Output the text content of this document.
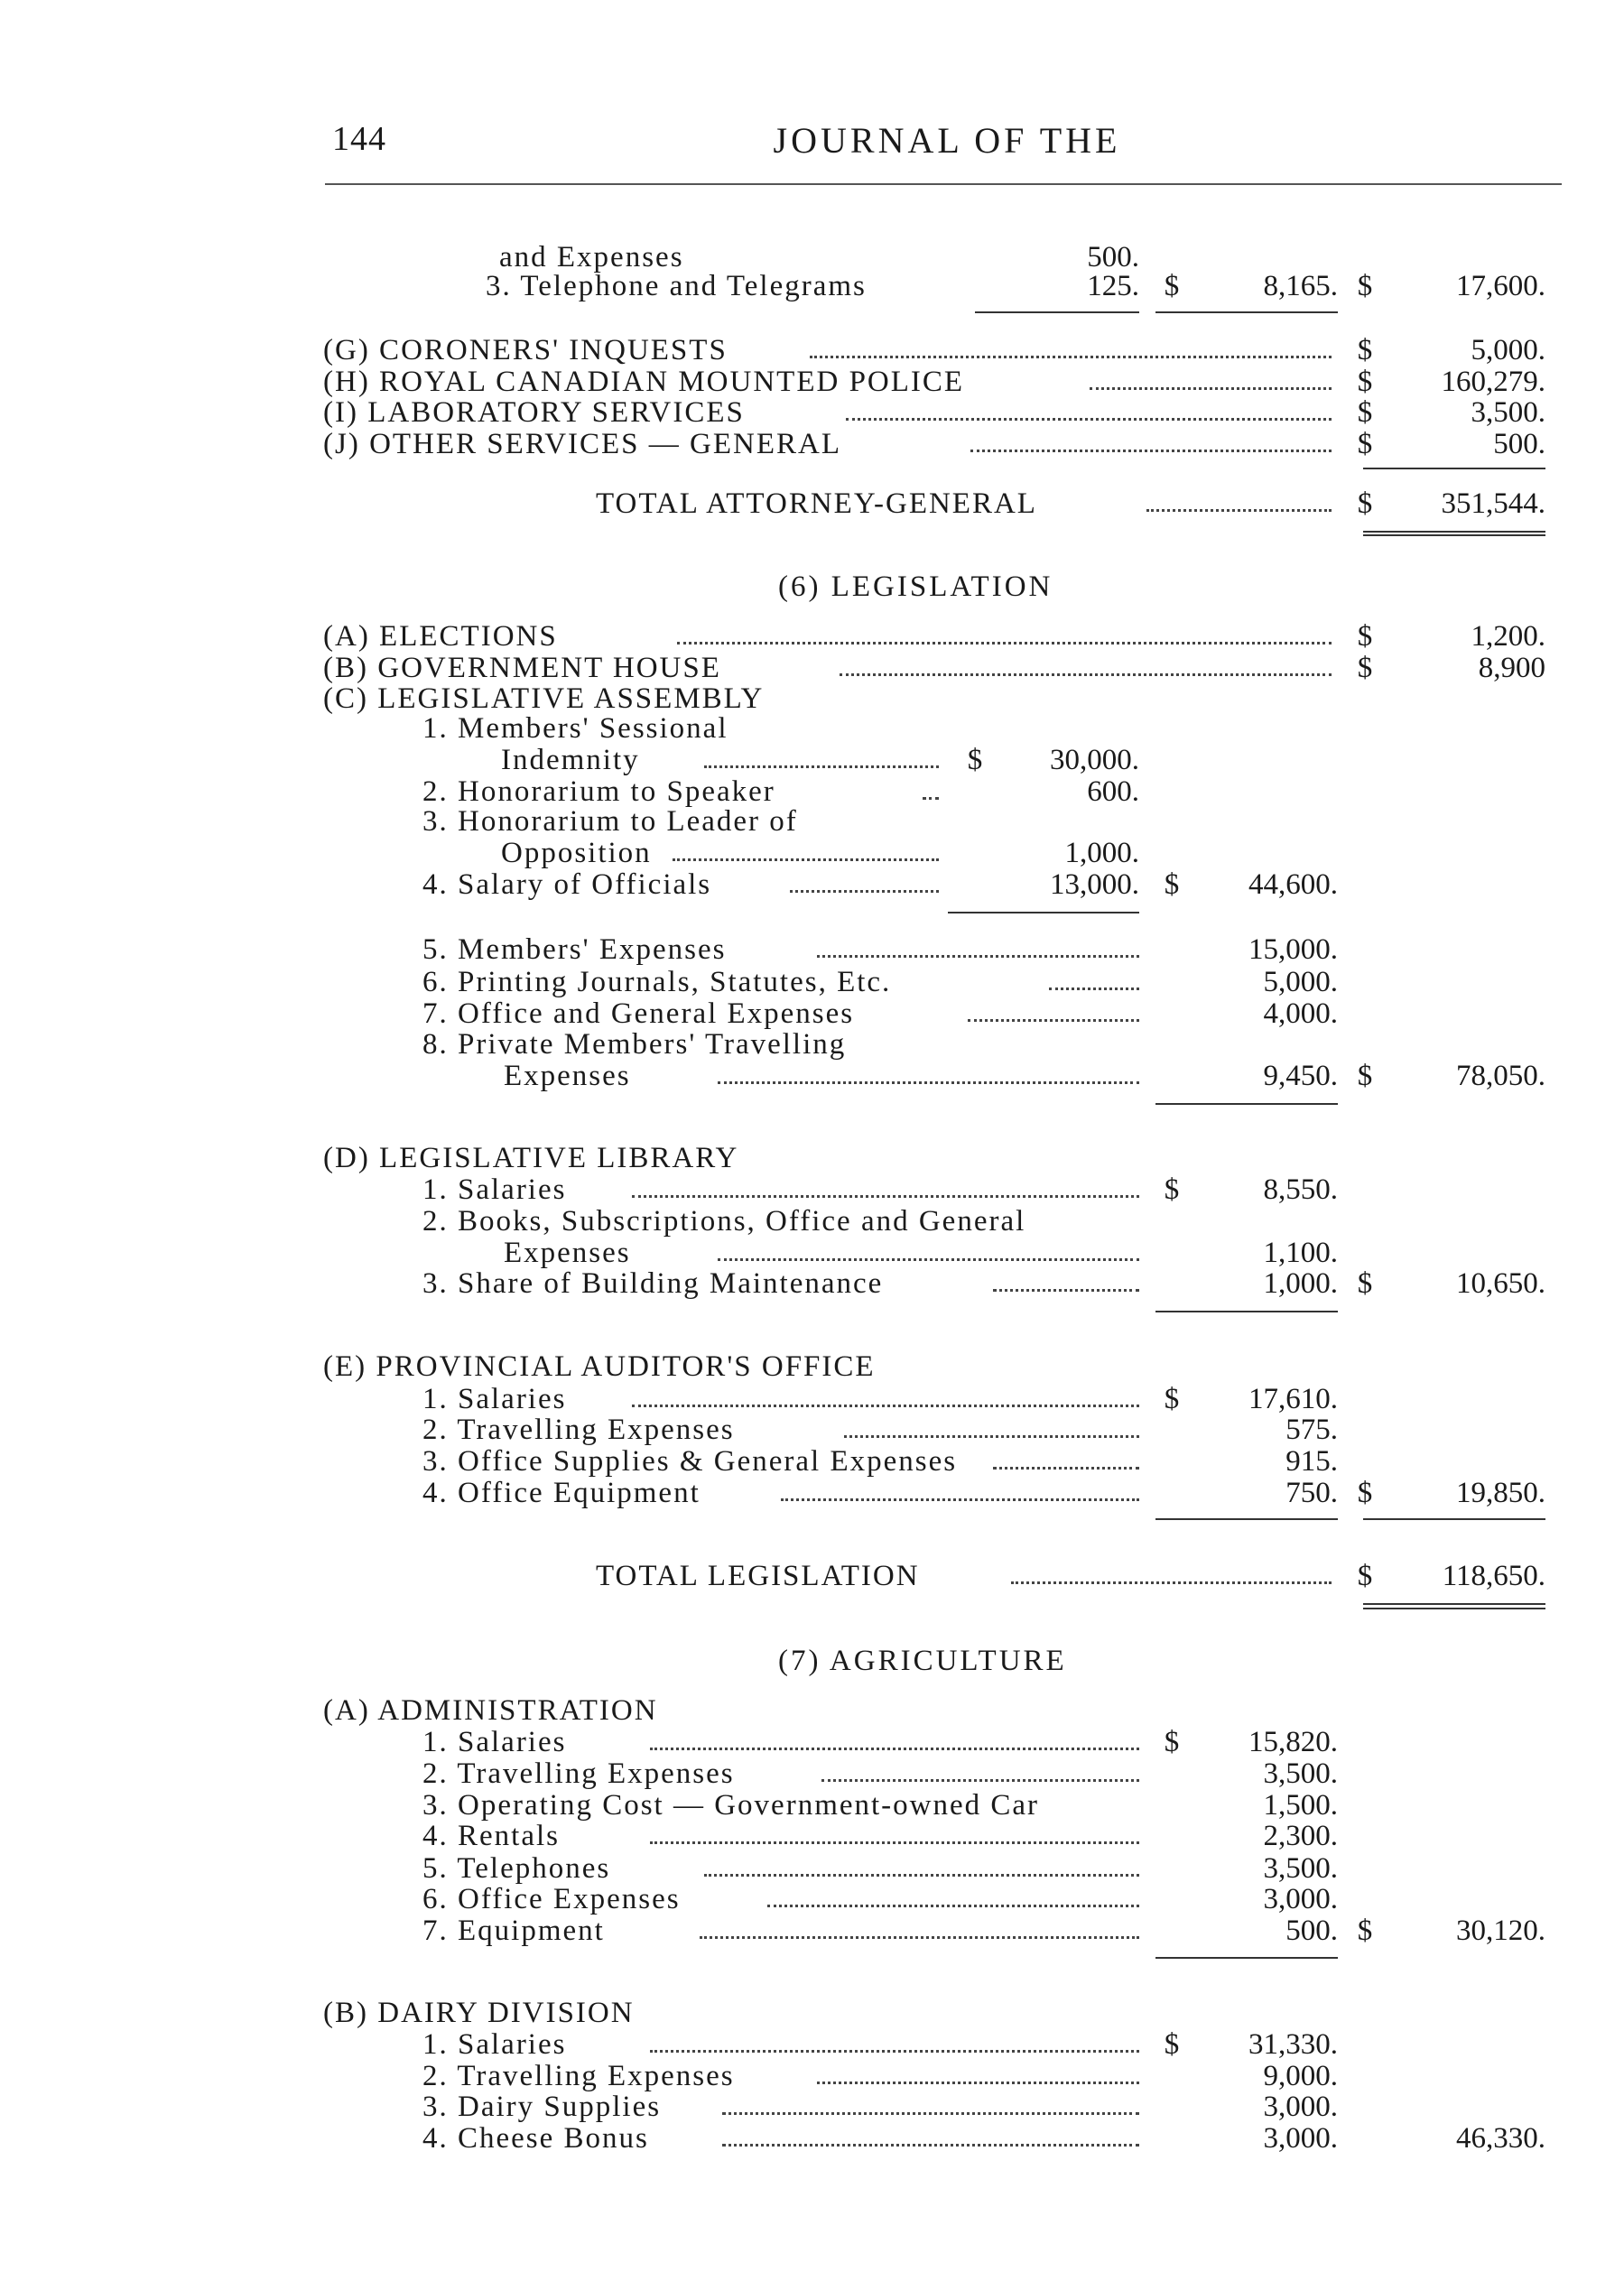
144	JOURNAL OF THE
and Expenses	500.
3. Telephone and Telegrams	125. $	8,165. $	17,600.
(G) CORONERS' INQUESTS	$	5,000.
(H) ROYAL CANADIAN MOUNTED POLICE	$ 160,279.
(I) LABORATORY SERVICES	$	3,500.
(J) OTHER SERVICES — GENERAL	$	500.
TOTAL ATTORNEY-GENERAL	$ 351,544.
(6) LEGISLATION
(A) ELECTIONS	$	1,200.
(B) GOVERNMENT HOUSE	$	8,900
(C) LEGISLATIVE ASSEMBLY
1. Members' Sessional
Indemnity	$ 30,000.
2. Honorarium to Speaker	600.
3. Honorarium to Leader of
Opposition	1,000.
4. Salary of Officials	13,000. $ 44,600.
5. Members' Expenses	15,000.
6. Printing Journals, Statutes, Etc.	5,000.
7. Office and General Expenses	4,000.
8. Private Members' Travelling
Expenses	9,450. $	78,050.
(D) LEGISLATIVE LIBRARY
1. Salaries	$	8,550.
2. Books, Subscriptions, Office and General
Expenses	1,100.
3. Share of Building Maintenance	1,000. $	10,650.
(E) PROVINCIAL AUDITOR'S OFFICE
1. Salaries	$ 17,610.
2. Travelling Expenses	575.
3. Office Supplies & General Expenses	915.
4. Office Equipment	750. $	19,850.
TOTAL LEGISLATION	$ 118,650.
(7) AGRICULTURE
(A) ADMINISTRATION
1. Salaries	$ 15,820.
2. Travelling Expenses	3,500.
3. Operating Cost — Government-owned Car	1,500.
4. Rentals	2,300.
5. Telephones	3,500.
6. Office Expenses	3,000.
7. Equipment	500. $	30,120.
(B) DAIRY DIVISION
1. Salaries	$ 31,330.
2. Travelling Expenses	9,000.
3. Dairy Supplies	3,000.
4. Cheese Bonus	3,000.	46,330.
